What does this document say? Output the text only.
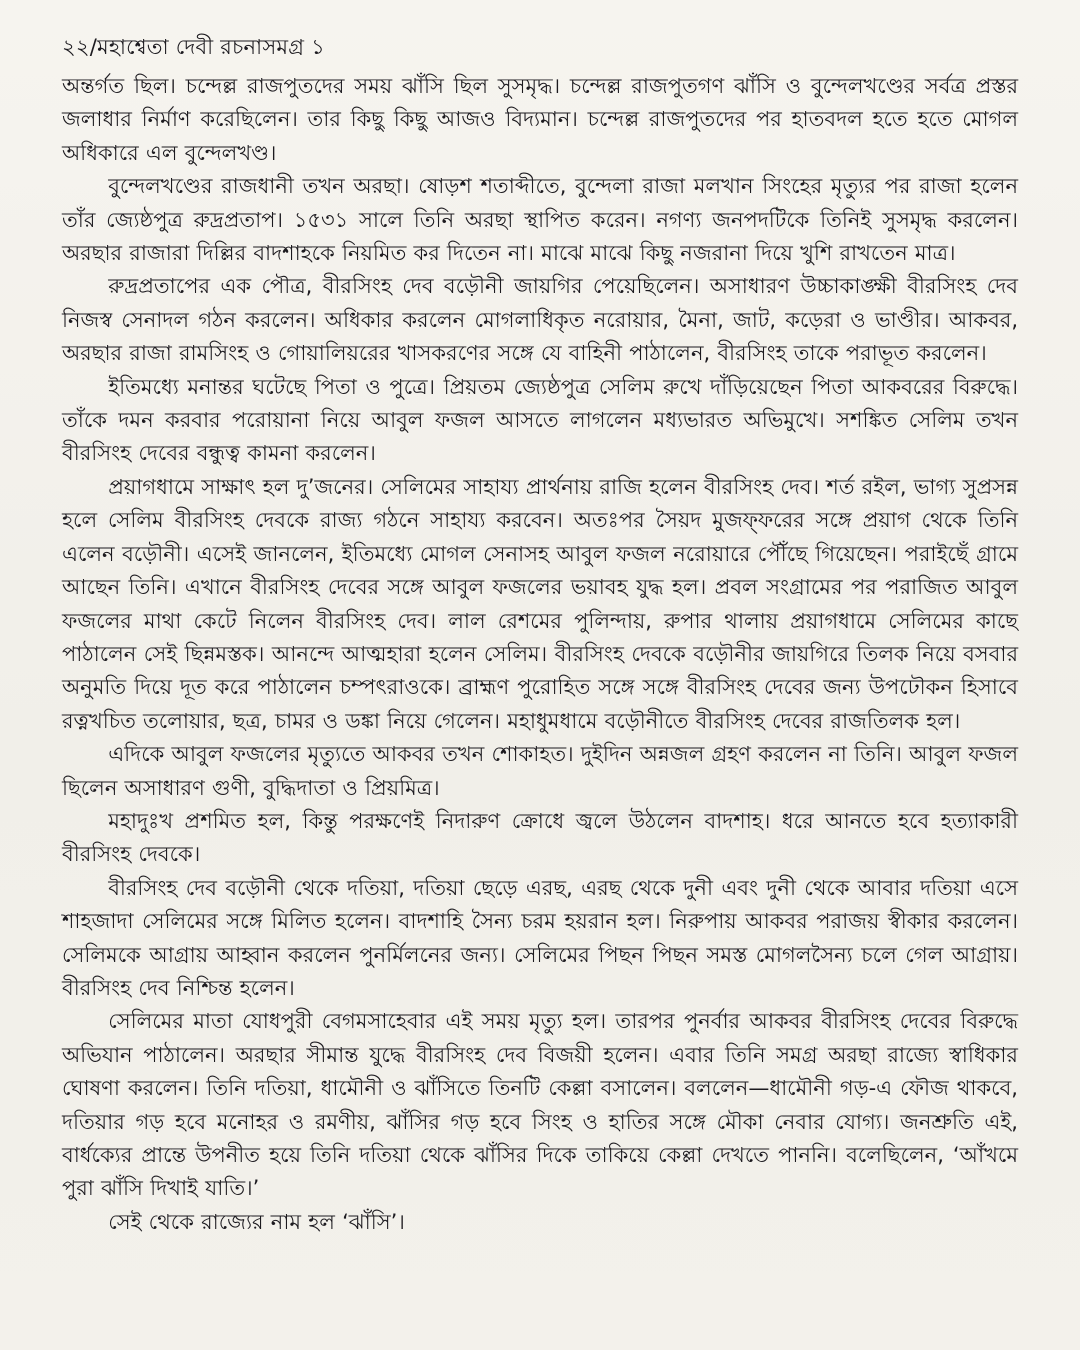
২২/মহাশ্বেতা দেবী রচনাসমগ্র ১

অন্তর্গত ছিল। চন্দেল্ল রাজপুতদের সময় ঝাঁসি ছিল সুসমৃদ্ধ। চন্দেল্ল রাজপুতগণ ঝাঁসি ও বুন্দেলখণ্ডের সর্বত্র প্রস্তর জলাধার নির্মাণ করেছিলেন। তার কিছু কিছু আজও বিদ্যমান। চন্দেল্ল রাজপুতদের পর হাতবদল হতে হতে মোগল অধিকারে এল বুন্দেলখণ্ড।

বুন্দেলখণ্ডের রাজধানী তখন অরছা। ষোড়শ শতাব্দীতে, বুন্দেলা রাজা মলখান সিংহের মৃত্যুর পর রাজা হলেন তাঁর জ্যেষ্ঠপুত্র রুদ্রপ্রতাপ। ১৫৩১ সালে তিনি অরছা স্থাপিত করেন। নগণ্য জনপদটিকে তিনিই সুসমৃদ্ধ করলেন। অরছার রাজারা দিল্লির বাদশাহকে নিয়মিত কর দিতেন না। মাঝে মাঝে কিছু নজরানা দিয়ে খুশি রাখতেন মাত্র।

রুদ্রপ্রতাপের এক পৌত্র, বীরসিংহ দেব বড়ৌনী জায়গির পেয়েছিলেন। অসাধারণ উচ্চাকাঙ্ক্ষী বীরসিংহ দেব নিজস্ব সেনাদল গঠন করলেন। অধিকার করলেন মোগলাধিকৃত নরোয়ার, মৈনা, জাট, কড়েরা ও ভাণ্ডীর। আকবর, অরছার রাজা রামসিংহ ও গোয়ালিয়রের খাসকরণের সঙ্গে যে বাহিনী পাঠালেন, বীরসিংহ তাকে পরাভূত করলেন।

ইতিমধ্যে মনান্তর ঘটেছে পিতা ও পুত্রে। প্রিয়তম জ্যেষ্ঠপুত্র সেলিম রুখে দাঁড়িয়েছেন পিতা আকবরের বিরুদ্ধে। তাঁকে দমন করবার পরোয়ানা নিয়ে আবুল ফজল আসতে লাগলেন মধ্যভারত অভিমুখে। সশঙ্কিত সেলিম তখন বীরসিংহ দেবের বন্ধুত্ব কামনা করলেন।

প্রয়াগধামে সাক্ষাৎ হল দু’জনের। সেলিমের সাহায্য প্রার্থনায় রাজি হলেন বীরসিংহ দেব। শর্ত রইল, ভাগ্য সুপ্রসন্ন হলে সেলিম বীরসিংহ দেবকে রাজ্য গঠনে সাহায্য করবেন। অতঃপর সৈয়দ মুজফ্ফরের সঙ্গে প্রয়াগ থেকে তিনি এলেন বড়ৌনী। এসেই জানলেন, ইতিমধ্যে মোগল সেনাসহ আবুল ফজল নরোয়ারে পৌঁছে গিয়েছেন। পরাইছেঁ গ্রামে আছেন তিনি। এখানে বীরসিংহ দেবের সঙ্গে আবুল ফজলের ভয়াবহ যুদ্ধ হল। প্রবল সংগ্রামের পর পরাজিত আবুল ফজলের মাথা কেটে নিলেন বীরসিংহ দেব। লাল রেশমের পুলিন্দায়, রুপার থালায় প্রয়াগধামে সেলিমের কাছে পাঠালেন সেই ছিন্নমস্তক। আনন্দে আত্মহারা হলেন সেলিম। বীরসিংহ দেবকে বড়ৌনীর জায়গিরে তিলক নিয়ে বসবার অনুমতি দিয়ে দূত করে পাঠালেন চম্পৎরাওকে। ব্রাহ্মণ পুরোহিত সঙ্গে সঙ্গে বীরসিংহ দেবের জন্য উপঢৌকন হিসাবে রত্নখচিত তলোয়ার, ছত্র, চামর ও ডঙ্কা নিয়ে গেলেন। মহাধুমধামে বড়ৌনীতে বীরসিংহ দেবের রাজতিলক হল।

এদিকে আবুল ফজলের মৃত্যুতে আকবর তখন শোকাহত। দুইদিন অন্নজল গ্রহণ করলেন না তিনি। আবুল ফজল ছিলেন অসাধারণ গুণী, বুদ্ধিদাতা ও প্রিয়মিত্র।

মহাদুঃখ প্রশমিত হল, কিন্তু পরক্ষণেই নিদারুণ ক্রোধে জ্বলে উঠলেন বাদশাহ। ধরে আনতে হবে হত্যাকারী বীরসিংহ দেবকে।

বীরসিংহ দেব বড়ৌনী থেকে দতিয়া, দতিয়া ছেড়ে এরছ, এরছ থেকে দুনী এবং দুনী থেকে আবার দতিয়া এসে শাহজাদা সেলিমের সঙ্গে মিলিত হলেন। বাদশাহি সৈন্য চরম হয়রান হল। নিরুপায় আকবর পরাজয় স্বীকার করলেন। সেলিমকে আগ্রায় আহ্বান করলেন পুনর্মিলনের জন্য। সেলিমের পিছন পিছন সমস্ত মোগলসৈন্য চলে গেল আগ্রায়। বীরসিংহ দেব নিশ্চিন্ত হলেন।

সেলিমের মাতা যোধপুরী বেগমসাহেবার এই সময় মৃত্যু হল। তারপর পুনর্বার আকবর বীরসিংহ দেবের বিরুদ্ধে অভিযান পাঠালেন। অরছার সীমান্ত যুদ্ধে বীরসিংহ দেব বিজয়ী হলেন। এবার তিনি সমগ্র অরছা রাজ্যে স্বাধিকার ঘোষণা করলেন। তিনি দতিয়া, ধামৌনী ও ঝাঁসিতে তিনটি কেল্লা বসালেন। বললেন—ধামৌনী গড়-এ ফৌজ থাকবে, দতিয়ার গড় হবে মনোহর ও রমণীয়, ঝাঁসির গড় হবে সিংহ ও হাতির সঙ্গে মৌকা নেবার যোগ্য। জনশ্রুতি এই, বার্ধক্যের প্রান্তে উপনীত হয়ে তিনি দতিয়া থেকে ঝাঁসির দিকে তাকিয়ে কেল্লা দেখতে পাননি। বলেছিলেন, ‘আঁখমে পুরা ঝাঁসি দিখাই যাতি।’

সেই থেকে রাজ্যের নাম হল ‘ঝাঁসি’।
